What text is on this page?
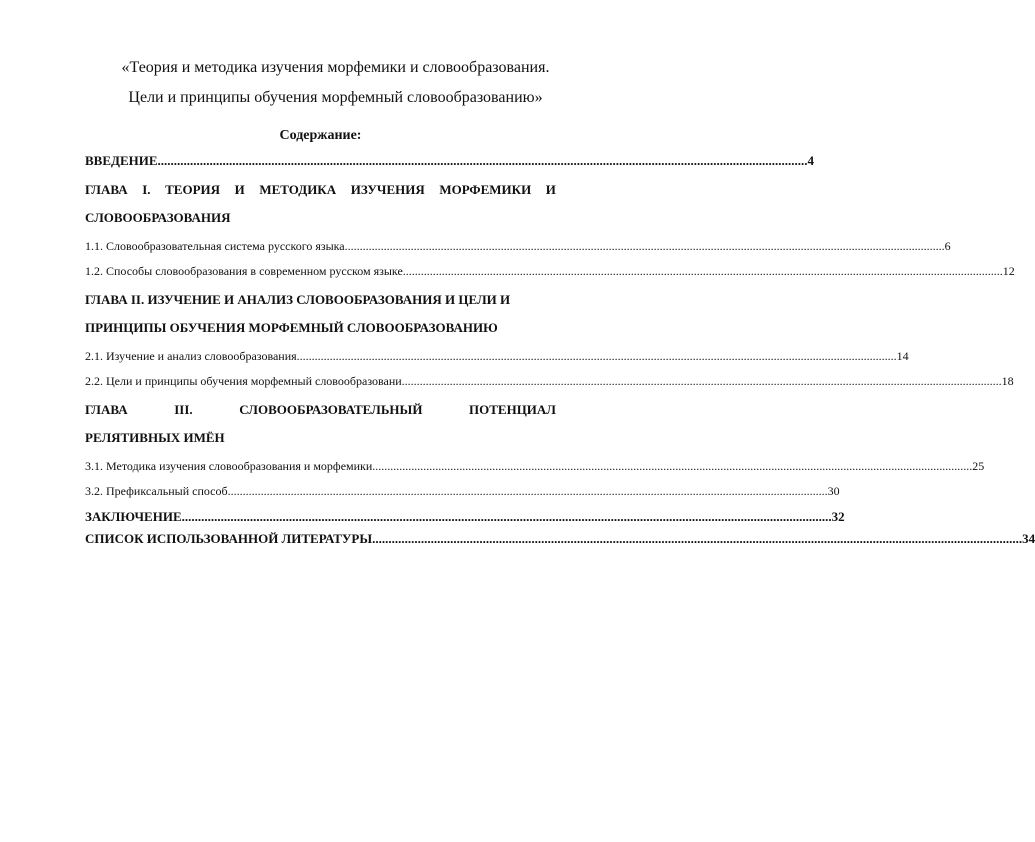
«Теория и методика изучения морфемики и словообразования.
Цели и принципы обучения морфемный словообразованию»
Содержание:
ВВЕДЕНИЕ .....	4
ГЛАВА I. ТЕОРИЯ И МЕТОДИКА ИЗУЧЕНИЯ МОРФЕМИКИ И
СЛОВООБРАЗОВАНИЯ
1.1. Словообразовательная система русского языка .....	6
1.2. Способы словообразования в современном русском языке .....	12
ГЛАВА II. ИЗУЧЕНИЕ И АНАЛИЗ СЛОВООБРАЗОВАНИЯ И ЦЕЛИ И
ПРИНЦИПЫ ОБУЧЕНИЯ МОРФЕМНЫЙ СЛОВООБРАЗОВАНИЮ
2.1. Изучение и анализ словообразования .....	14
2.2. Цели и принципы обучения морфемный словообразовани .....	18
ГЛАВА	III.	СЛОВООБРАЗОВАТЕЛЬНЫЙ	ПОТЕНЦИАЛ
РЕЛЯТИВНЫХ ИМЁН
3.1. Методика изучения словообразования и морфемики .....	25
3.2. Префиксальный способ .....	30
ЗАКЛЮЧЕНИЕ .....	32
СПИСОК ИСПОЛЬЗОВАННОЙ ЛИТЕРАТУРЫ .....	34
